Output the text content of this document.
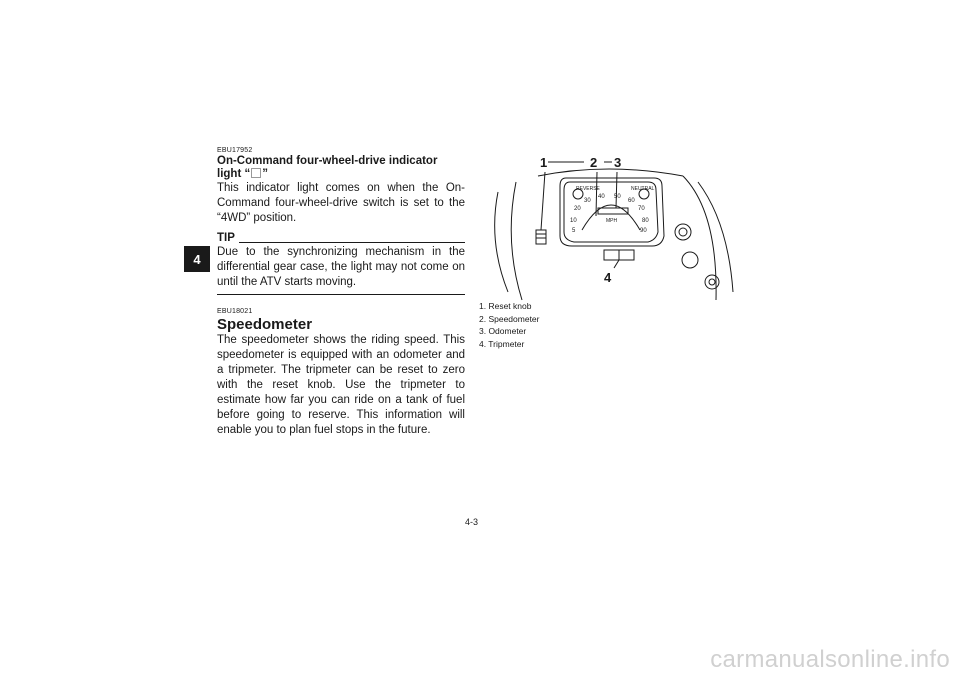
4

EBU17952

On-Command four-wheel-drive indicator

light “ ”

This indicator light comes on when the On-Command four-wheel-drive switch is set to the “4WD” position.

TIP

Due to the synchronizing mechanism in the differential gear case, the light may not come on until the ATV starts moving.

EBU18021

Speedometer

The speedometer shows the riding speed. This speedometer is equipped with an odometer and a tripmeter. The tripmeter can be reset to zero with the reset knob. Use the tripmeter to estimate how far you can ride on a tank of fuel before going to reserve. This information will enable you to plan fuel stops in the future.

1	2 3
4
REVERSE	NEUTRAL
MPH
5
10
20
30
40 50
60
70
80
90
1. Reset knob
2. Speedometer
3. Odometer
4. Tripmeter
4-3
carmanualsonline.info
